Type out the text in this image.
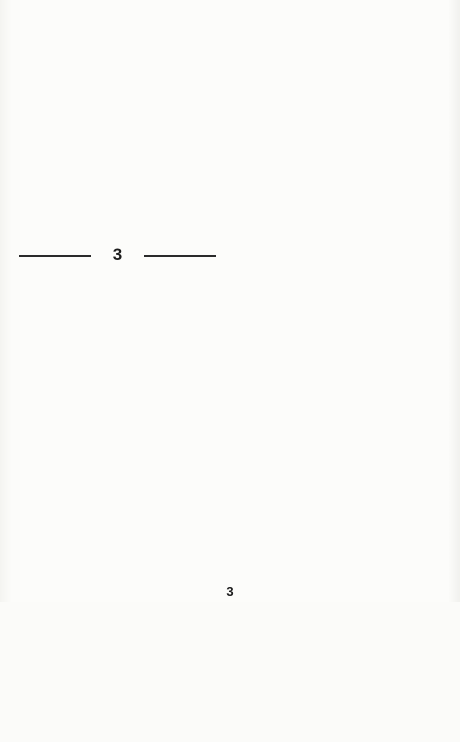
3

3
